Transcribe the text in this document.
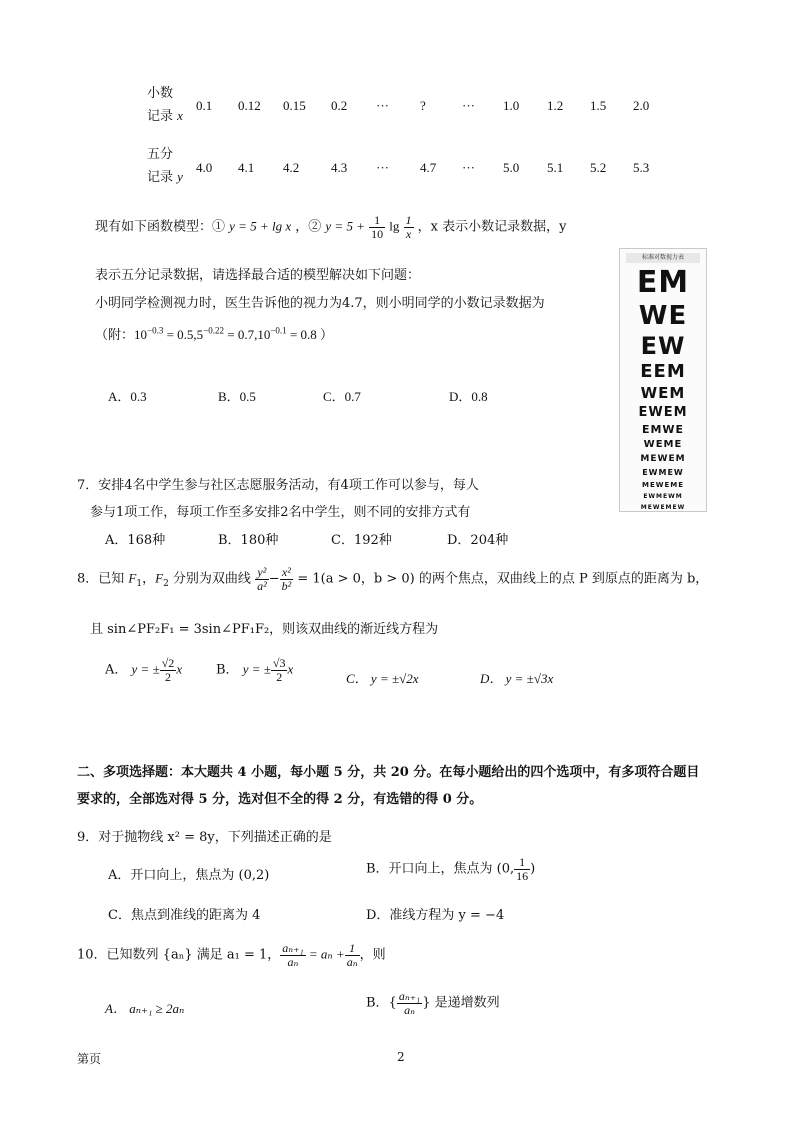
小数
记录 x
0.1 0.12 0.15 0.2 ··· ?	··· 1.0 1.2 1.5 2.0
五分
记录 y
4.0 4.1 4.2 4.3 ··· 4.7 ··· 5.0 5.1 5.2 5.3
现有如下函数模型：① y = 5 + lg x ，② $y = 5 + \frac{1}{10}$ $\lg \frac{1}{x}$ ，x 表示小数记录数据，y
表示五分记录数据，请选择最合适的模型解决如下问题：
小明同学检测视力时，医生告诉他的视力为4.7，则小明同学的小数记录数据为
（附：$10^{-0.3} = 0.5,5^{-0.22} = 0.7,10^{-0.1} = 0.8$ ）
A．0.3	B．0.5	C．0.7	D．0.8
标准对数视力表
EM
WE
EW
EEM
WEM
EWEM
EMWE
WEME
MEWEM
EWMEW
MEWEME
EWMEWM
MEWEMEW
7．安排4名中学生参与社区志愿服务活动，有4项工作可以参与，每人
参与1项工作，每项工作至多安排2名中学生，则不同的安排方式有
A．168种	B．180种	C．192种	D．204种
8．已知 $F_1$，$F_2$ 分别为双曲线 $\frac{\text{y²}}{\text{a²}} - \frac{\text{x²}}{\text{b²}} = 1(a > 0$，b > 0) 的两个焦点，双曲线上的点 P 到原点的距离为 b，
且 sin∠PF₂F₁ = 3sin∠PF₁F₂，则该双曲线的渐近线方程为
A． y = ± $\frac{√2}{2}$ x	B． y = ± $\frac{√3}{2}$ x
C． y = ±√2x	D． y = ±√3x
二、多项选择题：本大题共 4 小题，每小题 5 分，共 20 分。在每小题给出的四个选项中，有多项符合题目
要求的，全部选对得 5 分，选对但不全的得 2 分，有选错的得 0 分。
9．对于抛物线 x² = 8y，下列描述正确的是
A．开口向上，焦点为 (0,2)	B．开口向上，焦点为 (0, $\frac{1}{16}$ )
C．焦点到准线的距离为 4	D．准线方程为 y = −4
10．已知数列 {aₙ} 满足 a₁ = 1， $\frac{\text{aₙ₊₁}}{\text{aₙ}} = a_n + \frac{1}{\text{aₙ}}$ ，则
A． aₙ₊₁ ≥ 2aₙ	B．{ $\frac{\text{aₙ₊₁}}{\text{aₙ}}$ } 是递增数列
第页	2
